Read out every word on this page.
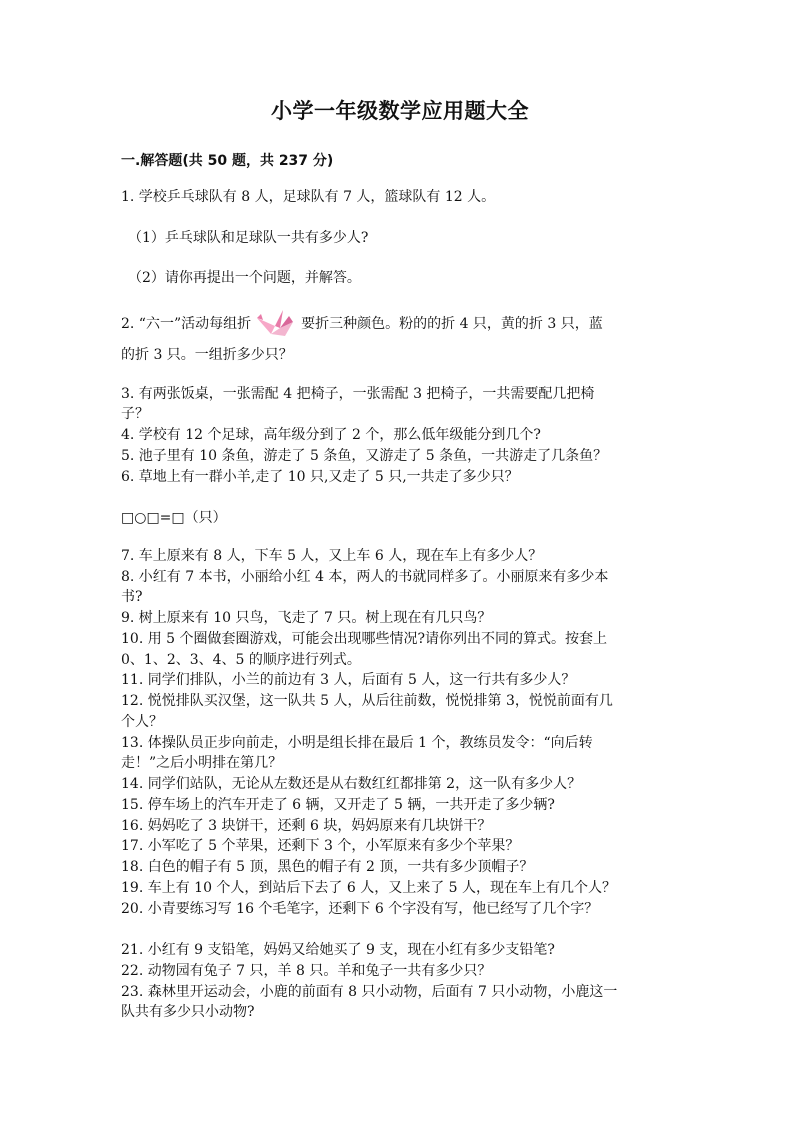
小学一年级数学应用题大全
一.解答题(共 50 题，共 237 分)
1. 学校乒乓球队有 8 人，足球队有 7 人，篮球队有 12 人。
（1）乒乓球队和足球队一共有多少人?
（2）请你再提出一个问题，并解答。
2. “六一”活动每组折	要折三种颜色。粉的的折 4 只，黄的折 3 只，蓝
的折 3 只。一组折多少只？
3. 有两张饭桌，一张需配 4 把椅子，一张需配 3 把椅子，一共需要配几把椅
子？
4. 学校有 12 个足球，高年级分到了 2 个，那么低年级能分到几个?
5. 池子里有 10 条鱼，游走了 5 条鱼，又游走了 5 条鱼，一共游走了几条鱼？
6. 草地上有一群小羊,走了 10 只,又走了 5 只,一共走了多少只？
□○□=□（只）
7. 车上原来有 8 人，下车 5 人，又上车 6 人，现在车上有多少人？
8. 小红有 7 本书，小丽给小红 4 本，两人的书就同样多了。小丽原来有多少本
书?
9. 树上原来有 10 只鸟，飞走了 7 只。树上现在有几只鸟？
10. 用 5 个圈做套圈游戏，可能会出现哪些情况?请你列出不同的算式。按套上
0、1、2、3、4、5 的顺序进行列式。
11. 同学们排队，小兰的前边有 3 人，后面有 5 人，这一行共有多少人？
12. 悦悦排队买汉堡，这一队共 5 人，从后往前数，悦悦排第 3，悦悦前面有几
个人？
13. 体操队员正步向前走，小明是组长排在最后 1 个，教练员发令：“向后转
走！”之后小明排在第几？
14. 同学们站队，无论从左数还是从右数红红都排第 2，这一队有多少人？
15. 停车场上的汽车开走了 6 辆，又开走了 5 辆，一共开走了多少辆?
16. 妈妈吃了 3 块饼干，还剩 6 块，妈妈原来有几块饼干？
17. 小军吃了 5 个苹果，还剩下 3 个，小军原来有多少个苹果？
18. 白色的帽子有 5 顶，黑色的帽子有 2 顶，一共有多少顶帽子？
19. 车上有 10 个人，到站后下去了 6 人，又上来了 5 人，现在车上有几个人？
20. 小青要练习写 16 个毛笔字，还剩下 6 个字没有写，他已经写了几个字？
21. 小红有 9 支铅笔，妈妈又给她买了 9 支，现在小红有多少支铅笔?
22. 动物园有兔子 7 只，羊 8 只。羊和兔子一共有多少只？
23. 森林里开运动会，小鹿的前面有 8 只小动物，后面有 7 只小动物，小鹿这一
队共有多少只小动物?
